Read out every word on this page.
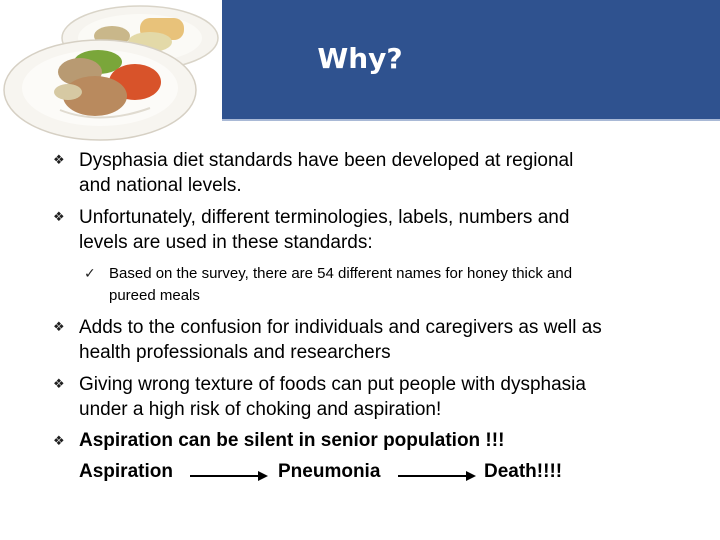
Why?
❖ Dysphasia diet standards have been developed at regional
and national levels.
❖ Unfortunately, different terminologies, labels, numbers and
levels are used in these standards:
✓ Based on the survey, there are 54 different names for honey thick and
pureed meals
❖ Adds to the confusion for individuals and caregivers as well as
health professionals and researchers
❖ Giving wrong texture of foods can put people with dysphasia
under a high risk of choking and aspiration!
❖ Aspiration can be silent in senior population !!!
Aspiration	Pneumonia	Death!!!!
